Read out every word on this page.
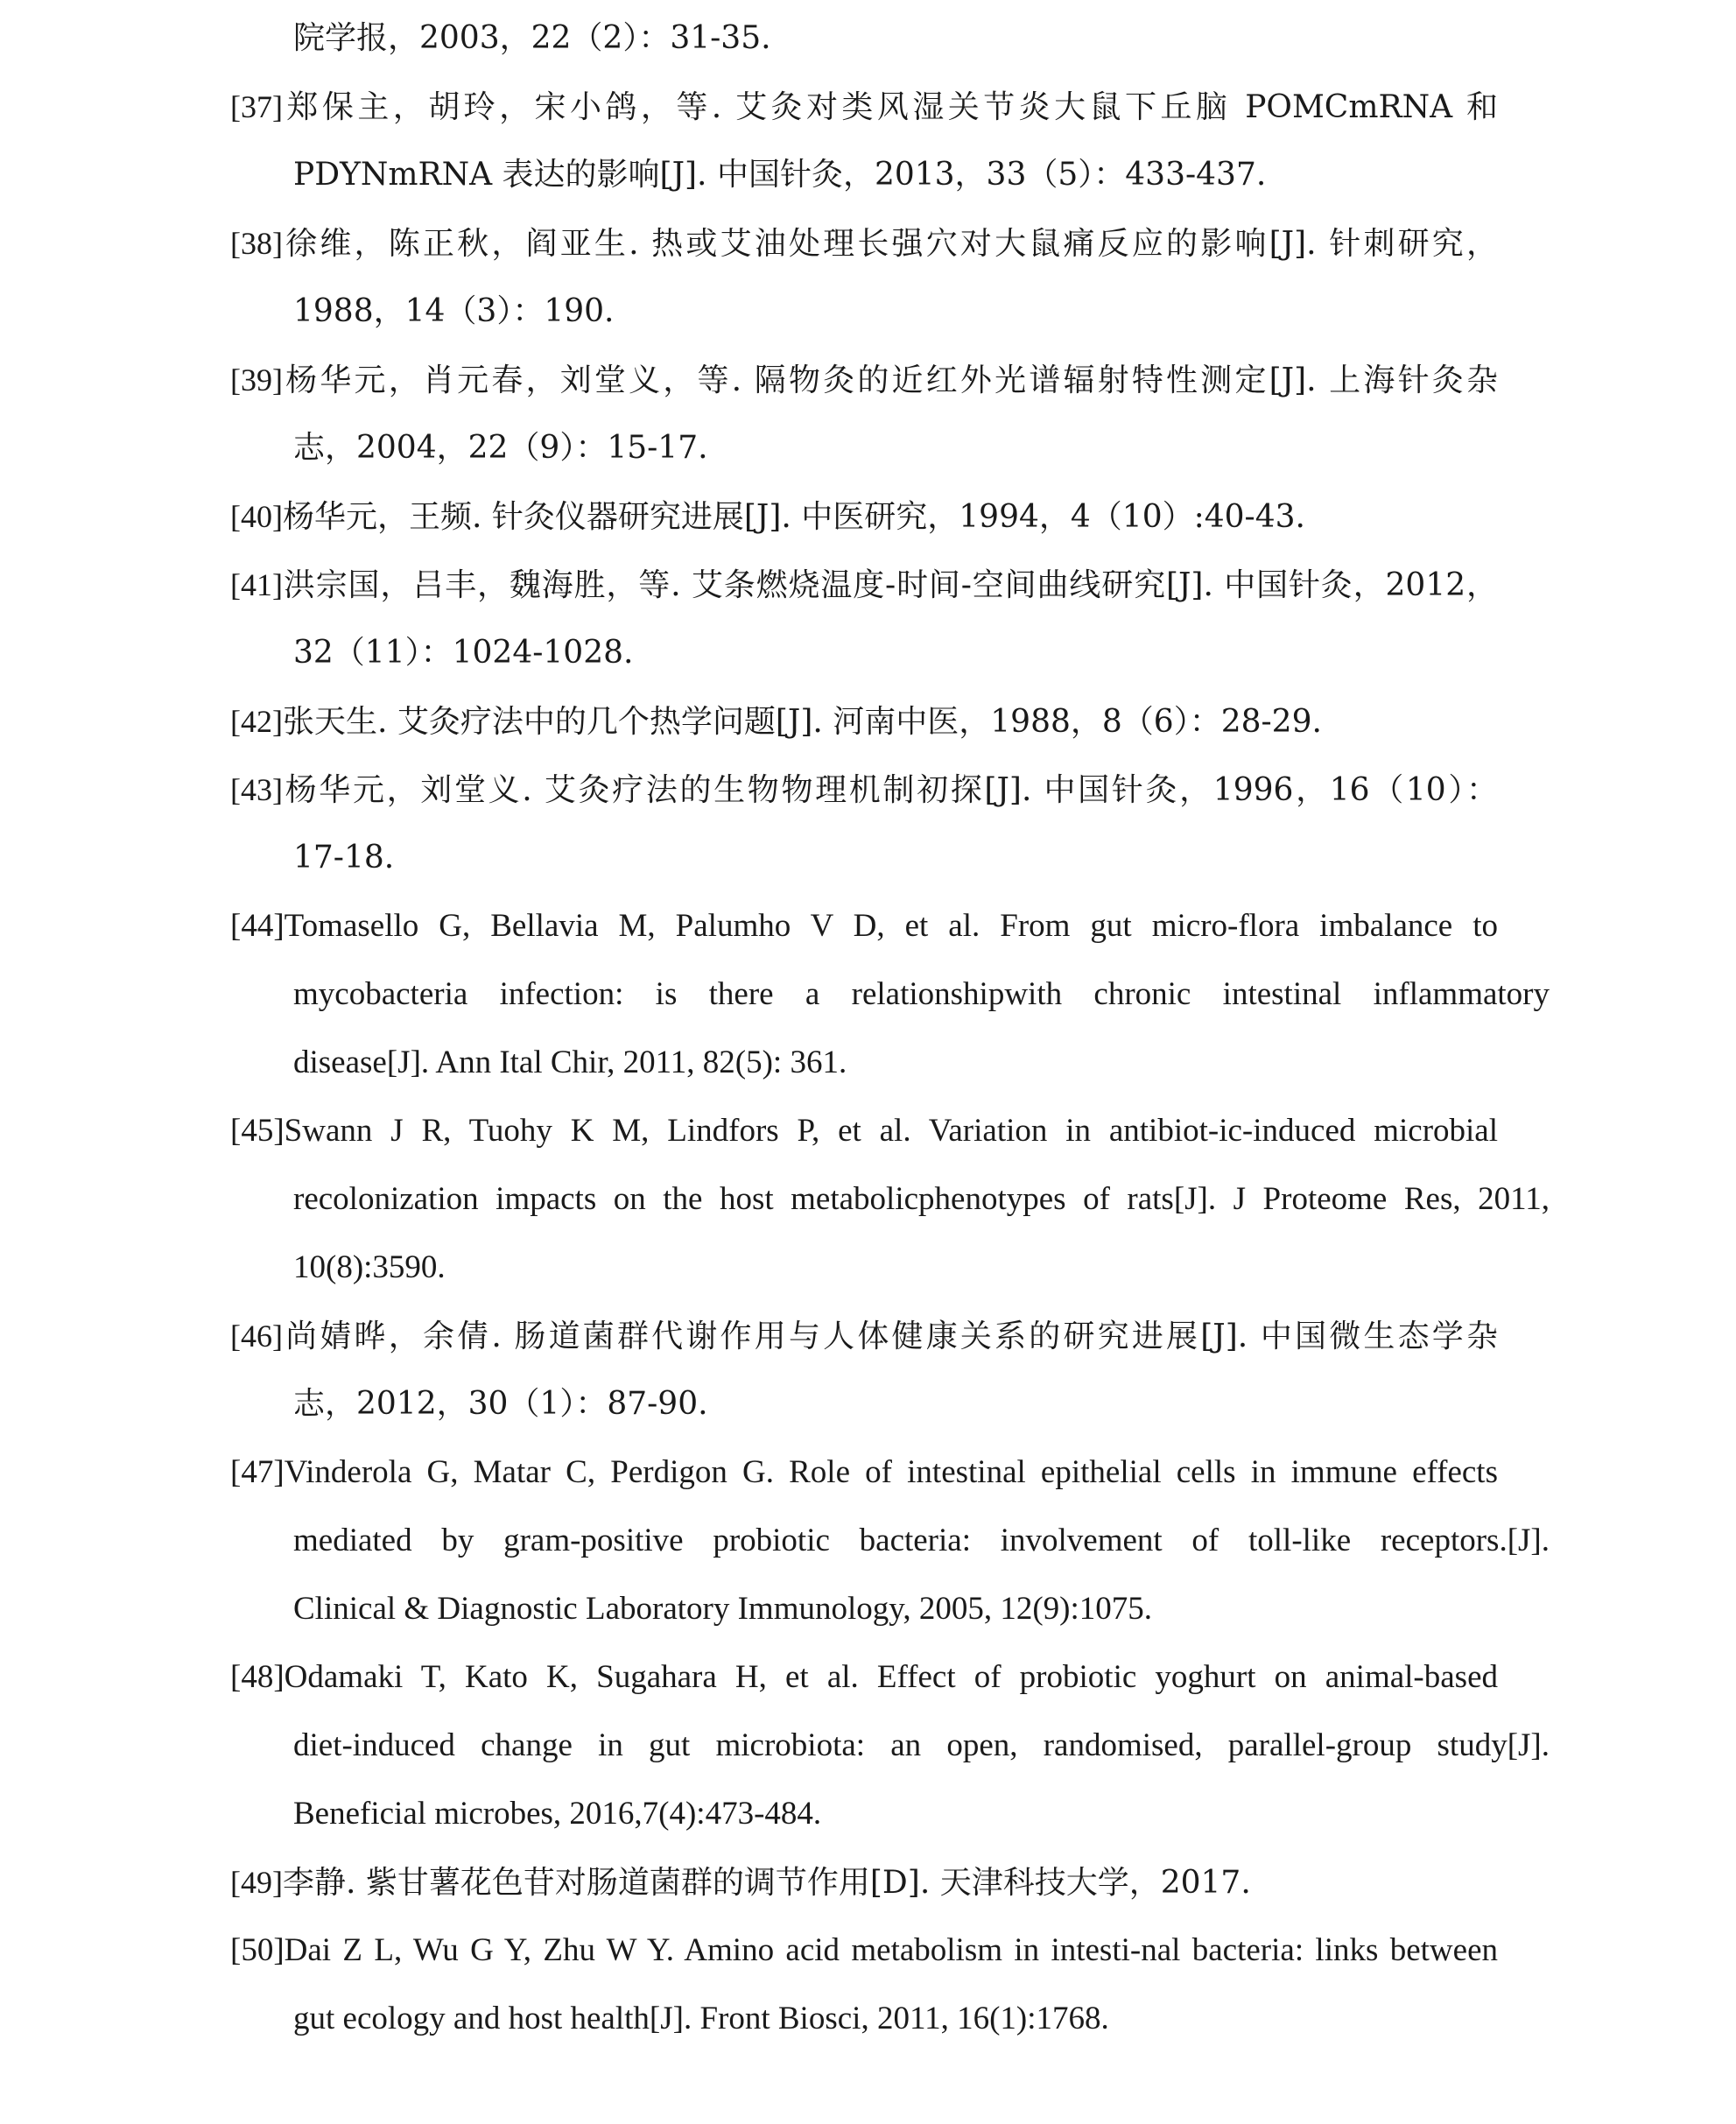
院学报，2003，22（2）：31-35.
[37]郑保主，胡玲，宋小鸽，等. 艾灸对类风湿关节炎大鼠下丘脑 POMCmRNA 和
PDYNmRNA 表达的影响[J]. 中国针灸，2013，33（5）：433-437.
[38]徐维，陈正秋，阎亚生. 热或艾油处理长强穴对大鼠痛反应的影响[J]. 针刺研究，
1988，14（3）：190.
[39]杨华元，肖元春，刘堂义，等. 隔物灸的近红外光谱辐射特性测定[J]. 上海针灸杂
志，2004，22（9）：15-17.
[40]杨华元，王频. 针灸仪器研究进展[J]. 中医研究，1994，4（10）:40-43.
[41]洪宗国，吕丰，魏海胜，等. 艾条燃烧温度-时间-空间曲线研究[J]. 中国针灸，2012，
32（11）：1024-1028.
[42]张天生. 艾灸疗法中的几个热学问题[J]. 河南中医，1988，8（6）：28-29.
[43]杨华元，刘堂义. 艾灸疗法的生物物理机制初探[J]. 中国针灸，1996，16（10）：
17-18.
[44]Tomasello G, Bellavia M, Palumho V D, et al. From gut micro-flora imbalance to
mycobacteria infection: is there a relationshipwith chronic intestinal inflammatory
disease[J]. Ann Ital Chir, 2011, 82(5): 361.
[45]Swann J R, Tuohy K M, Lindfors P, et al. Variation in antibiot-ic-induced microbial
recolonization impacts on the host metabolicphenotypes of rats[J]. J Proteome Res, 2011,
10(8):3590.
[46]尚婧晔，余倩. 肠道菌群代谢作用与人体健康关系的研究进展[J]. 中国微生态学杂
志，2012，30（1）：87-90.
[47]Vinderola G, Matar C, Perdigon G. Role of intestinal epithelial cells in immune effects
mediated by gram-positive probiotic bacteria: involvement of toll-like receptors.[J].
Clinical & Diagnostic Laboratory Immunology, 2005, 12(9):1075.
[48]Odamaki T, Kato K, Sugahara H, et al. Effect of probiotic yoghurt on animal-based
diet-induced change in gut microbiota: an open, randomised, parallel-group study[J].
Beneficial microbes, 2016,7(4):473-484.
[49]李静. 紫甘薯花色苷对肠道菌群的调节作用[D]. 天津科技大学，2017.
[50]Dai Z L, Wu G Y, Zhu W Y. Amino acid metabolism in intesti-nal bacteria: links between
gut ecology and host health[J]. Front Biosci, 2011, 16(1):1768.
